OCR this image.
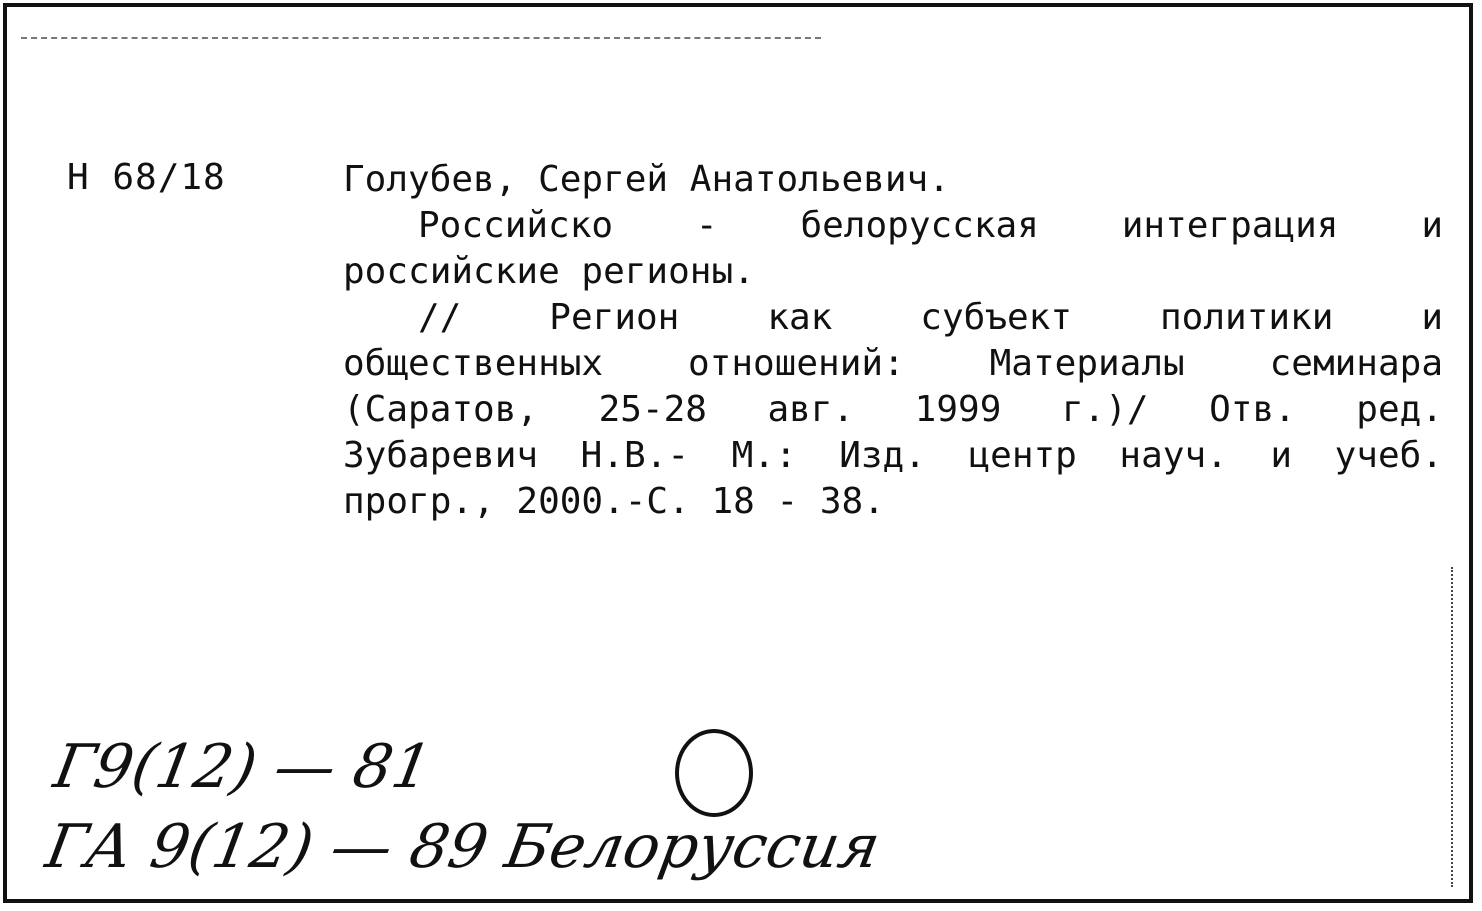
Н 68/18	Голубев, Сергей Анатольевич.
Российско - белорусская интеграция и
российские регионы.
// Регион как субъект политики и
общественных отношений: Материалы семинара
(Саратов, 25-28 авг. 1999 г.)/ Отв. ред.
Зубаревич Н.В.- М.: Изд. центр науч. и учеб.
прогр., 2000.-С. 18 - 38.
Г9(12) — 81
ГА 9(12) — 89 Белоруссия
